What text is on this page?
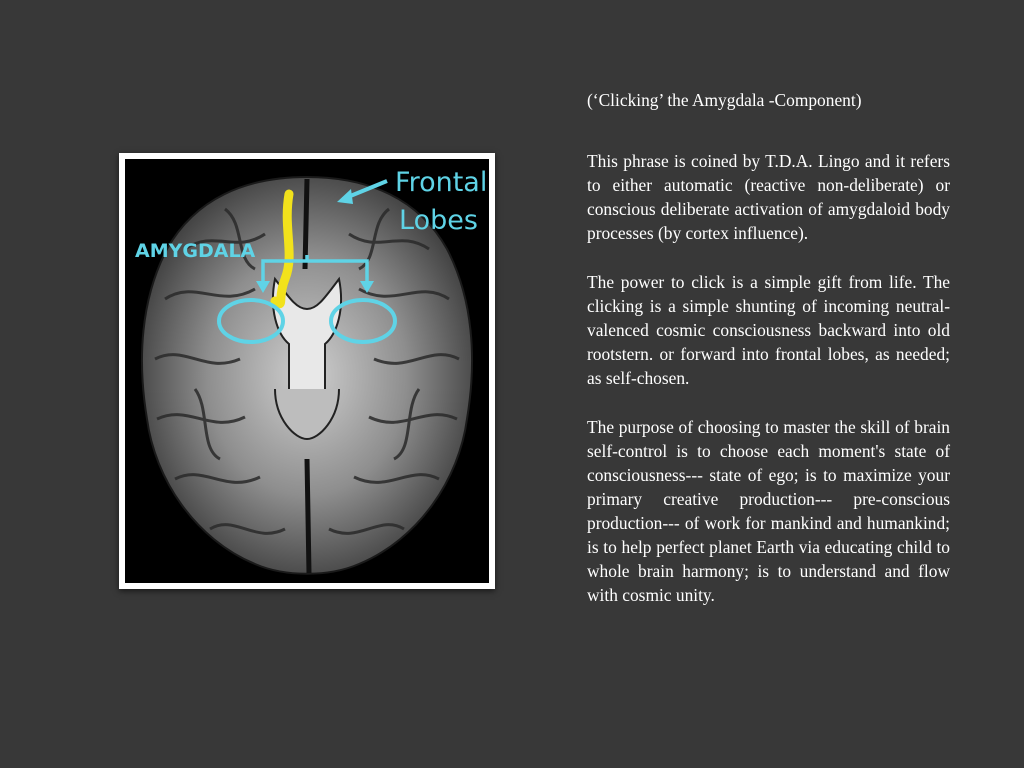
Frontal
Lobes
AMYGDALA

(‘Clicking’ the Amygdala -Component)

This phrase is coined by T.D.A. Lingo and it refers to either automatic (reactive non-deliberate) or conscious deliberate activation of amygdaloid body processes (by cortex influence).

The power to click is a simple gift from life. The clicking is a simple shunting of incoming neutral-valenced cosmic consciousness backward into old rootstern. or forward into frontal lobes, as needed; as self-chosen.

The purpose of choosing to master the skill of brain self-control is to choose each moment's state of consciousness--- state of ego; is to maximize your primary creative production--- pre-conscious production--- of work for mankind and humankind; is to help perfect planet Earth via educating child to whole brain harmony; is to understand and flow with cosmic unity.
